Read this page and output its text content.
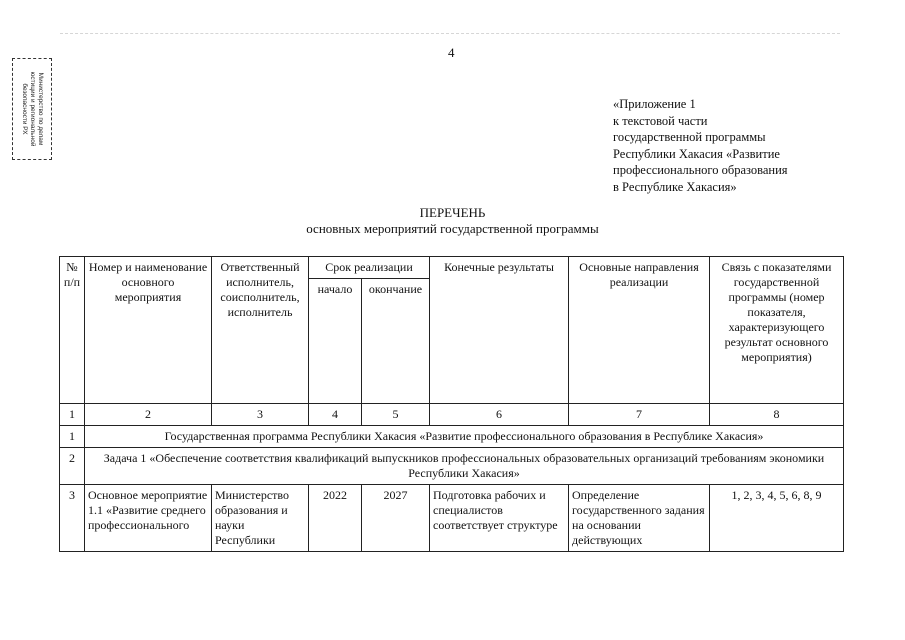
4
Министерство по делам
юстиции и региональной
безопасности РХ	«Приложение 1
к текстовой части
государственной программы
Республики Хакасия «Развитие
профессионального образования
в Республике Хакасия»
ПЕРЕЧЕНЬ
основных мероприятий государственной программы
№ п/п	Номер и наименование основного мероприятия	Ответственный исполнитель, соисполнитель, исполнитель	Срок реализации		Конечные результаты	Основные направления реализации	Связь с показателями государственной программы (номер показателя, характеризующего результат основного мероприятия)
			начало	окончание			
1	2	3	4	5	6	7	8
1	Государственная программа Республики Хакасия «Развитие профессионального образования в Республике Хакасия»						
2	Задача 1 «Обеспечение соответствия квалификаций выпускников профессиональных образовательных организаций требованиям экономики Республики Хакасия»						
3	Основное мероприятие 1.1 «Развитие среднего профессионального	Министерство образования и науки Республики	2022	2027	Подготовка рабочих и специалистов соответствует структуре	Определение государственного задания на основании действующих	1, 2, 3, 4, 5, 6, 8, 9
